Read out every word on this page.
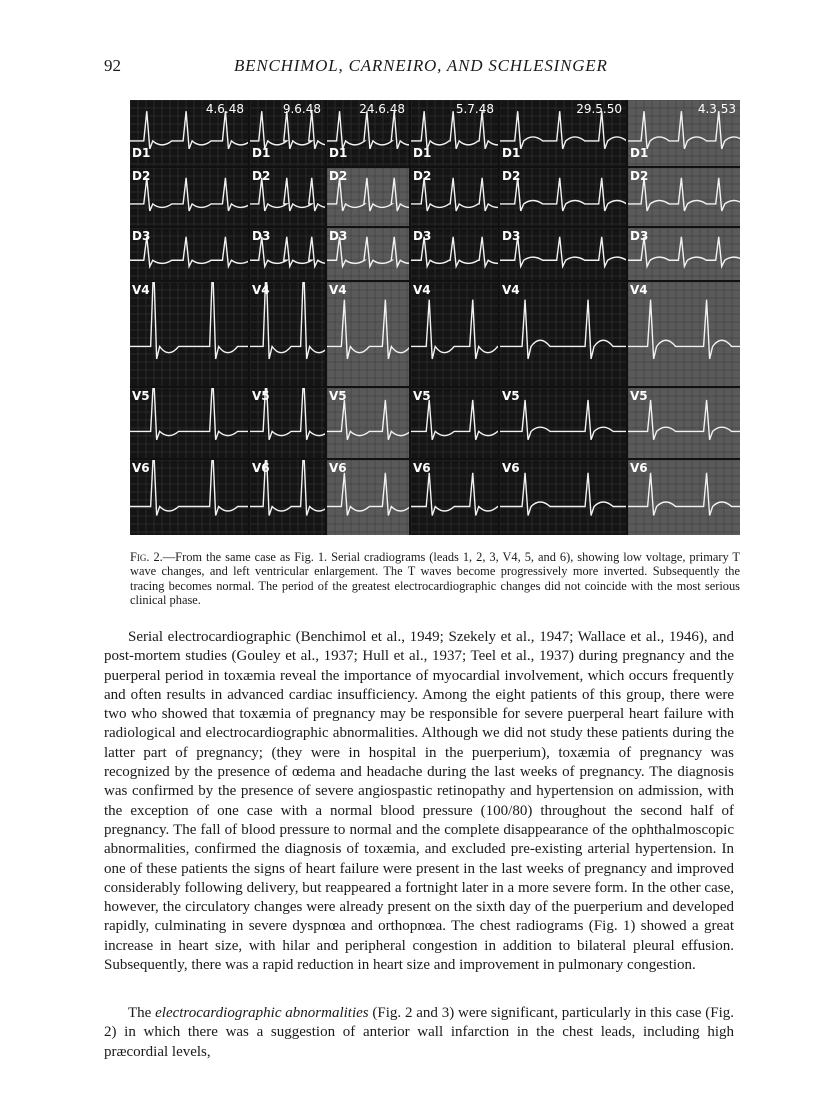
92	BENCHIMOL, CARNEIRO, AND SCHLESINGER
D1
4.6.48
D2
D3
V4
V5
V6
D1
9.6.48
D2
D3
V4
V5
V6
D1
24.6.48
D2
D3
V4
V5
V6
D1
5.7.48
D2
D3
V4
V5
V6
D1
29.5.50
D2
D3
V4
V5
V6
D1
4.3.53
D2
D3
V4
V5
V6
Fig. 2.—From the same case as Fig. 1. Serial cradiograms (leads 1, 2, 3, V4, 5, and 6), showing low voltage, primary T wave changes, and left ventricular enlargement. The T waves become progressively more inverted. Subsequently the tracing becomes normal. The period of the greatest electrocardiographic changes did not coincide with the most serious clinical phase.

Serial electrocardiographic (Benchimol et al., 1949; Szekely et al., 1947; Wallace et al., 1946), and post-mortem studies (Gouley et al., 1937; Hull et al., 1937; Teel et al., 1937) during pregnancy and the puerperal period in toxæmia reveal the importance of myocardial involvement, which occurs frequently and often results in advanced cardiac insufficiency. Among the eight patients of this group, there were two who showed that toxæmia of pregnancy may be responsible for severe puerperal heart failure with radiological and electrocardiographic abnormalities. Although we did not study these patients during the latter part of pregnancy; (they were in hospital in the puerperium), toxæmia of pregnancy was recognized by the presence of œdema and headache during the last weeks of pregnancy. The diagnosis was confirmed by the presence of severe angiospastic retinopathy and hypertension on admission, with the exception of one case with a normal blood pressure (100/80) throughout the second half of pregnancy. The fall of blood pressure to normal and the complete disappearance of the ophthalmoscopic abnormalities, confirmed the diagnosis of toxæmia, and excluded pre-existing arterial hypertension. In one of these patients the signs of heart failure were present in the last weeks of pregnancy and improved considerably following delivery, but reappeared a fortnight later in a more severe form. In the other case, however, the circulatory changes were already present on the sixth day of the puerperium and developed rapidly, culminating in severe dyspnœa and orthopnœa. The chest radiograms (Fig. 1) showed a great increase in heart size, with hilar and peripheral congestion in addition to bilateral pleural effusion. Subsequently, there was a rapid reduction in heart size and improvement in pulmonary congestion.

The electrocardiographic abnormalities (Fig. 2 and 3) were significant, particularly in this case (Fig. 2) in which there was a suggestion of anterior wall infarction in the chest leads, including high præcordial levels,
